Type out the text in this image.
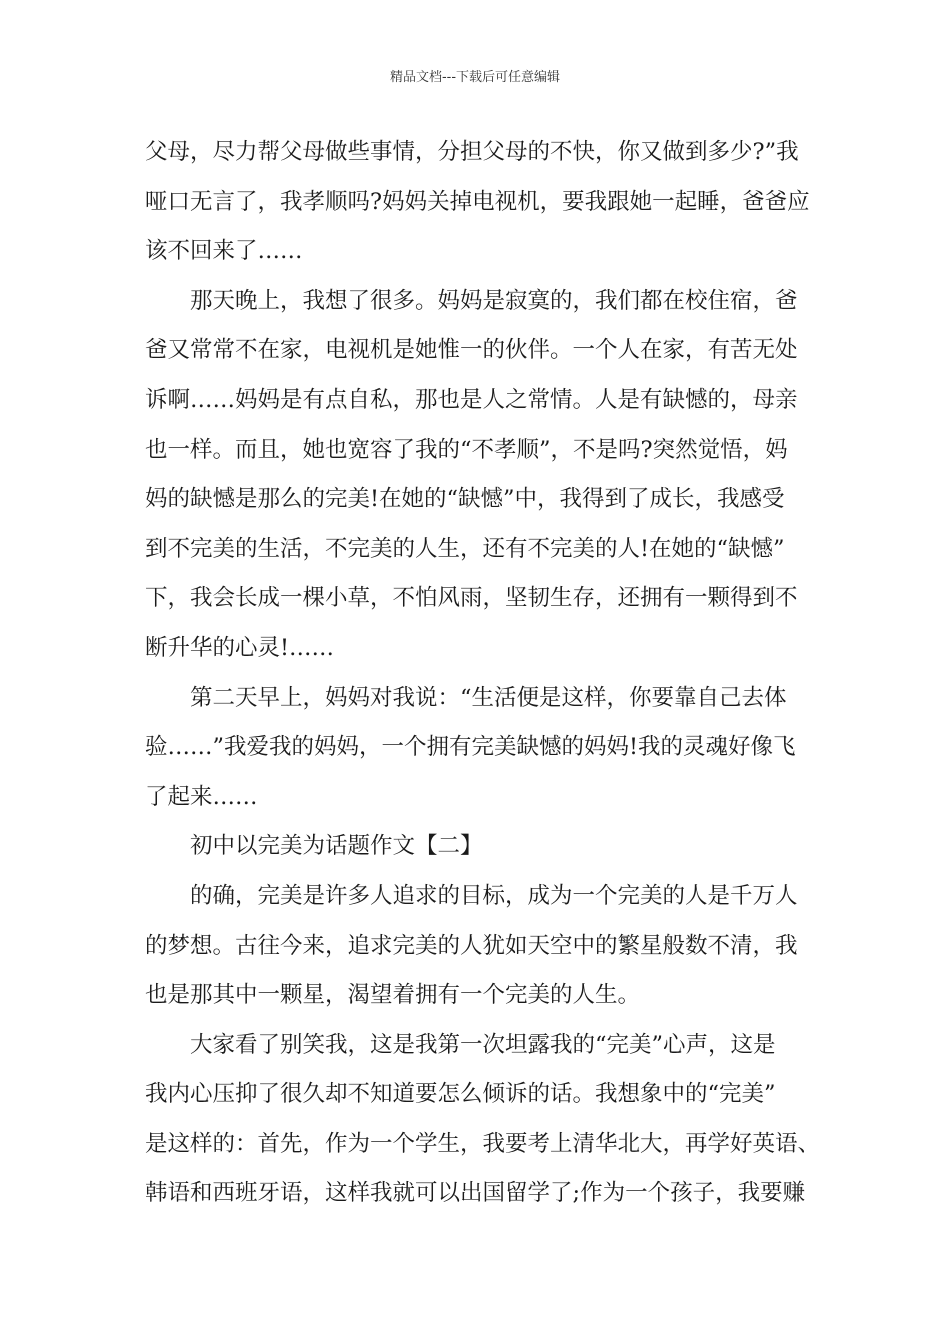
精品文档---下载后可任意编辑
父母，尽力帮父母做些事情，分担父母的不快，你又做到多少?”我
哑口无言了，我孝顺吗?妈妈关掉电视机，要我跟她一起睡，爸爸应
该不回来了……
那天晚上，我想了很多。妈妈是寂寞的，我们都在校住宿，爸
爸又常常不在家，电视机是她惟一的伙伴。一个人在家，有苦无处
诉啊……妈妈是有点自私，那也是人之常情。人是有缺憾的，母亲
也一样。而且，她也宽容了我的“不孝顺”，不是吗?突然觉悟，妈
妈的缺憾是那么的完美!在她的“缺憾”中，我得到了成长，我感受
到不完美的生活，不完美的人生，还有不完美的人!在她的“缺憾”
下，我会长成一棵小草，不怕风雨，坚韧生存，还拥有一颗得到不
断升华的心灵!……
第二天早上，妈妈对我说：“生活便是这样，你要靠自己去体
验……”我爱我的妈妈，一个拥有完美缺憾的妈妈!我的灵魂好像飞
了起来……
初中以完美为话题作文【二】
的确，完美是许多人追求的目标，成为一个完美的人是千万人
的梦想。古往今来，追求完美的人犹如天空中的繁星般数不清，我
也是那其中一颗星，渴望着拥有一个完美的人生。
大家看了别笑我，这是我第一次坦露我的“完美”心声，这是
我内心压抑了很久却不知道要怎么倾诉的话。我想象中的“完美”
是这样的：首先，作为一个学生，我要考上清华北大，再学好英语、
韩语和西班牙语，这样我就可以出国留学了;作为一个孩子，我要赚
